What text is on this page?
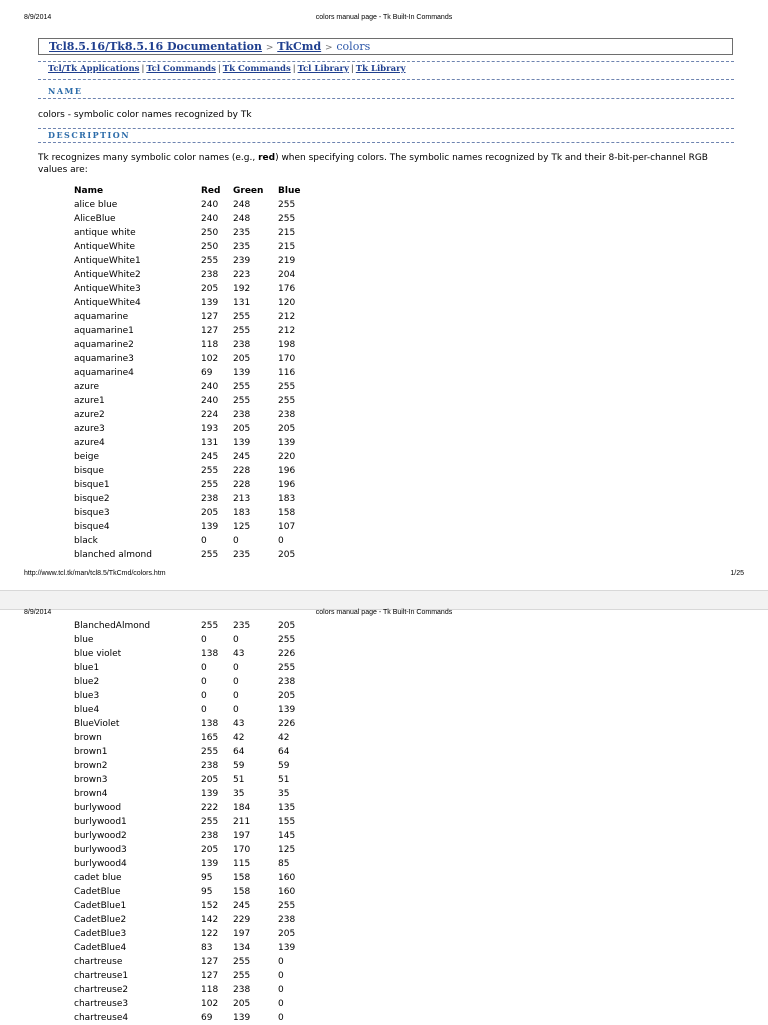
8/9/2014	colors manual page - Tk Built-In Commands
Tcl8.5.16/Tk8.5.16 Documentation > TkCmd > colors
Tcl/Tk Applications | Tcl Commands | Tk Commands | Tcl Library | Tk Library
NAME
colors - symbolic color names recognized by Tk
DESCRIPTION
Tk recognizes many symbolic color names (e.g., red) when specifying colors. The symbolic names recognized by Tk and their 8-bit-per-channel RGB values are:
Name	Red	Green	Blue
alice blue	240	248	255
AliceBlue	240	248	255
antique white	250	235	215
AntiqueWhite	250	235	215
AntiqueWhite1	255	239	219
AntiqueWhite2	238	223	204
AntiqueWhite3	205	192	176
AntiqueWhite4	139	131	120
aquamarine	127	255	212
aquamarine1	127	255	212
aquamarine2	118	238	198
aquamarine3	102	205	170
aquamarine4	69	139	116
azure	240	255	255
azure1	240	255	255
azure2	224	238	238
azure3	193	205	205
azure4	131	139	139
beige	245	245	220
bisque	255	228	196
bisque1	255	228	196
bisque2	238	213	183
bisque3	205	183	158
bisque4	139	125	107
black	0	0	0
blanched almond	255	235	205
http://www.tcl.tk/man/tcl8.5/TkCmd/colors.htm	1/25
8/9/2014	colors manual page - Tk Built-In Commands
BlanchedAlmond	255	235	205
blue	0	0	255
blue violet	138	43	226
blue1	0	0	255
blue2	0	0	238
blue3	0	0	205
blue4	0	0	139
BlueViolet	138	43	226
brown	165	42	42
brown1	255	64	64
brown2	238	59	59
brown3	205	51	51
brown4	139	35	35
burlywood	222	184	135
burlywood1	255	211	155
burlywood2	238	197	145
burlywood3	205	170	125
burlywood4	139	115	85
cadet blue	95	158	160
CadetBlue	95	158	160
CadetBlue1	152	245	255
CadetBlue2	142	229	238
CadetBlue3	122	197	205
CadetBlue4	83	134	139
chartreuse	127	255	0
chartreuse1	127	255	0
chartreuse2	118	238	0
chartreuse3	102	205	0
chartreuse4	69	139	0
